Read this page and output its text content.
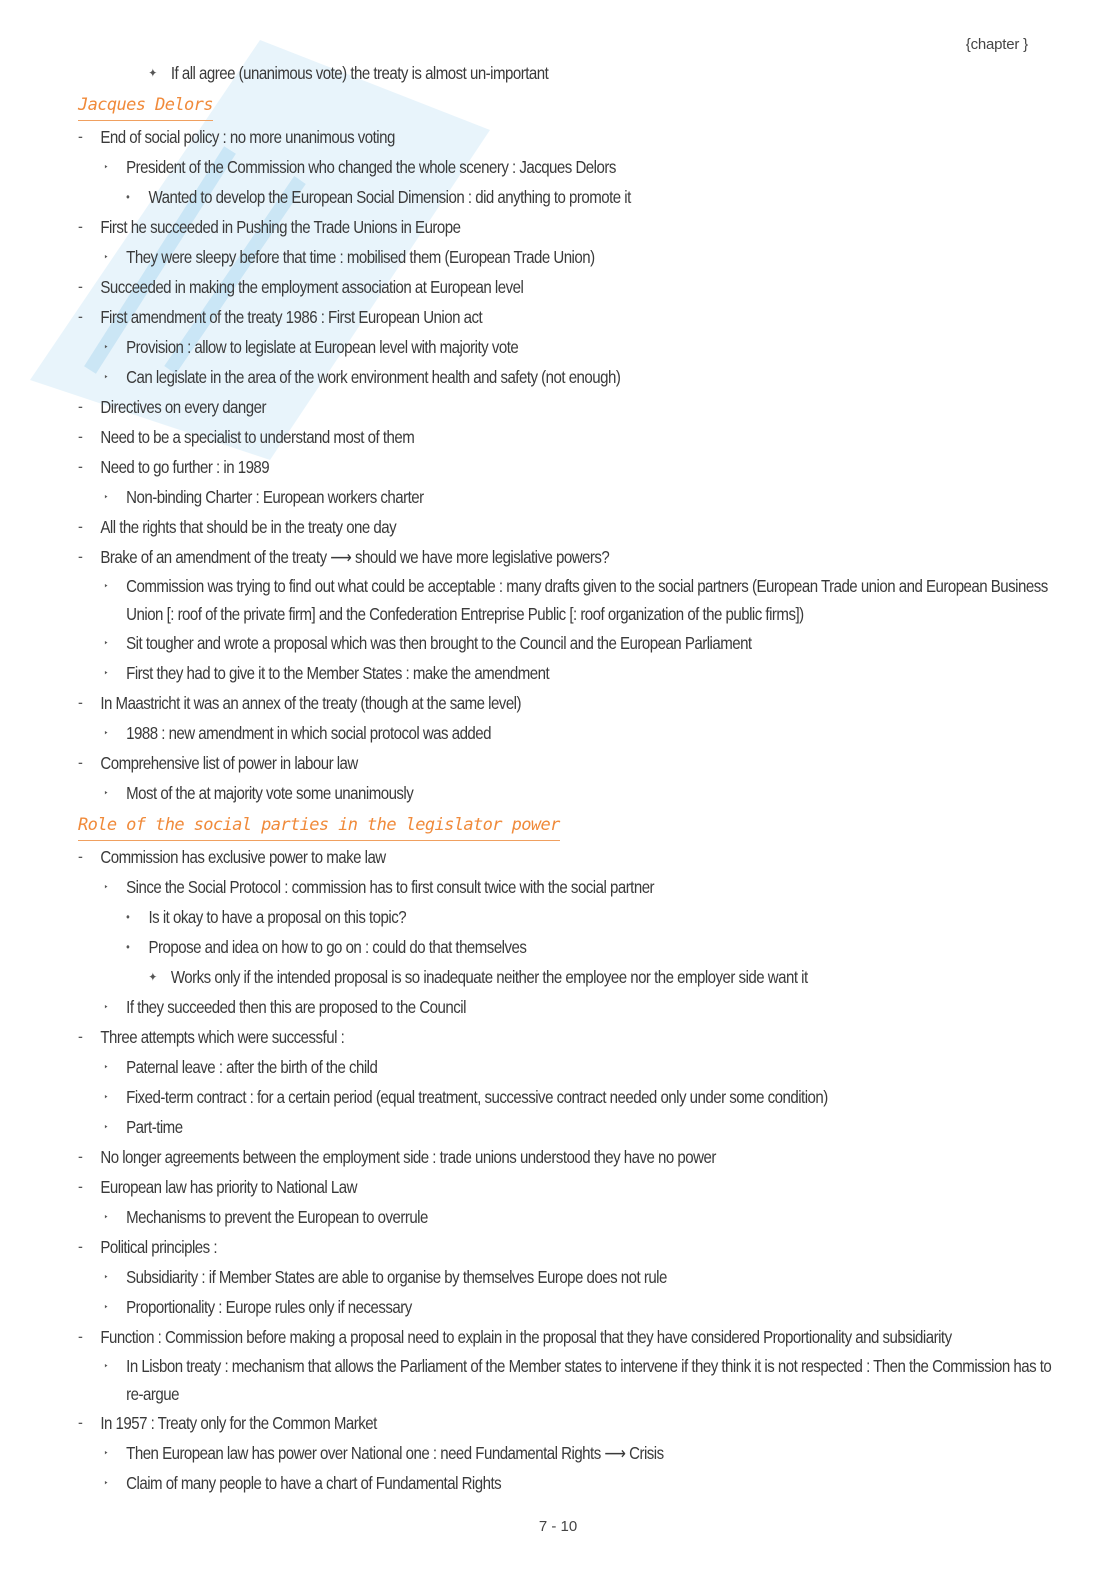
{chapter }
✦ If all agree (unanimous vote) the treaty is almost un-important
Jacques Delors
-	End of social policy : no more unanimous voting
‣	President of the Commission who changed the whole scenery : Jacques Delors
•	Wanted to develop the European Social Dimension : did anything to promote it
-	First he succeeded in Pushing the Trade Unions in Europe
‣	They were sleepy before that time : mobilised them (European Trade Union)
-	Succeeded in making the employment association at European level
-	First amendment of the treaty 1986 : First European Union act
‣	Provision : allow to legislate at European level with majority vote
‣	Can legislate in the area of the work environment health and safety (not enough)
-	Directives on every danger
-	Need to be a specialist to understand most of them
-	Need to go further : in 1989
‣	Non-binding Charter : European workers charter
-	All the rights that should be in the treaty one day
-	Brake of an amendment of the treaty ⟶ should we have more legislative powers?
‣	Commission was trying to find out what could be acceptable : many drafts given to the social partners (European Trade union and European Business Union [: roof of the private firm] and the Confederation Entreprise Public [: roof organization of the public firms])
‣	Sit tougher and wrote a proposal which was then brought to the Council and the European Parliament
‣	First they had to give it to the Member States : make the amendment
-	In Maastricht it was an annex of the treaty (though at the same level)
‣	1988 : new amendment in which social protocol was added
-	Comprehensive list of power in labour law
‣	Most of the at majority vote some unanimously
Role of the social parties in the legislator power
-	Commission has exclusive power to make law
‣	Since the Social Protocol : commission has to first consult twice with the social partner
•	Is it okay to have a proposal on this topic?
•	Propose and idea on how to go on : could do that themselves
✦ Works only if the intended proposal is so inadequate neither the employee nor the employer side want it
‣	If they succeeded then this are proposed to the Council
-	Three attempts which were successful :
‣	Paternal leave : after the birth of the child
‣	Fixed-term contract : for a certain period (equal treatment, successive contract needed only under some condition)
‣	Part-time
-	No longer agreements between the employment side : trade unions understood they have no power
-	European law has priority to National Law
‣	Mechanisms to prevent the European to overrule
-	Political principles :
‣	Subsidiarity : if Member States are able to organise by themselves Europe does not rule
‣	Proportionality : Europe rules only if necessary
-	Function : Commission before making a proposal need to explain in the proposal that they have considered Proportionality and subsidiarity
‣	In Lisbon treaty : mechanism that allows the Parliament of the Member states to intervene if they think it is not respected : Then the Commission has to re-argue
-	In 1957 : Treaty only for the Common Market
‣	Then European law has power over National one : need Fundamental Rights ⟶ Crisis
‣	Claim of many people to have a chart of Fundamental Rights
7 - 10
